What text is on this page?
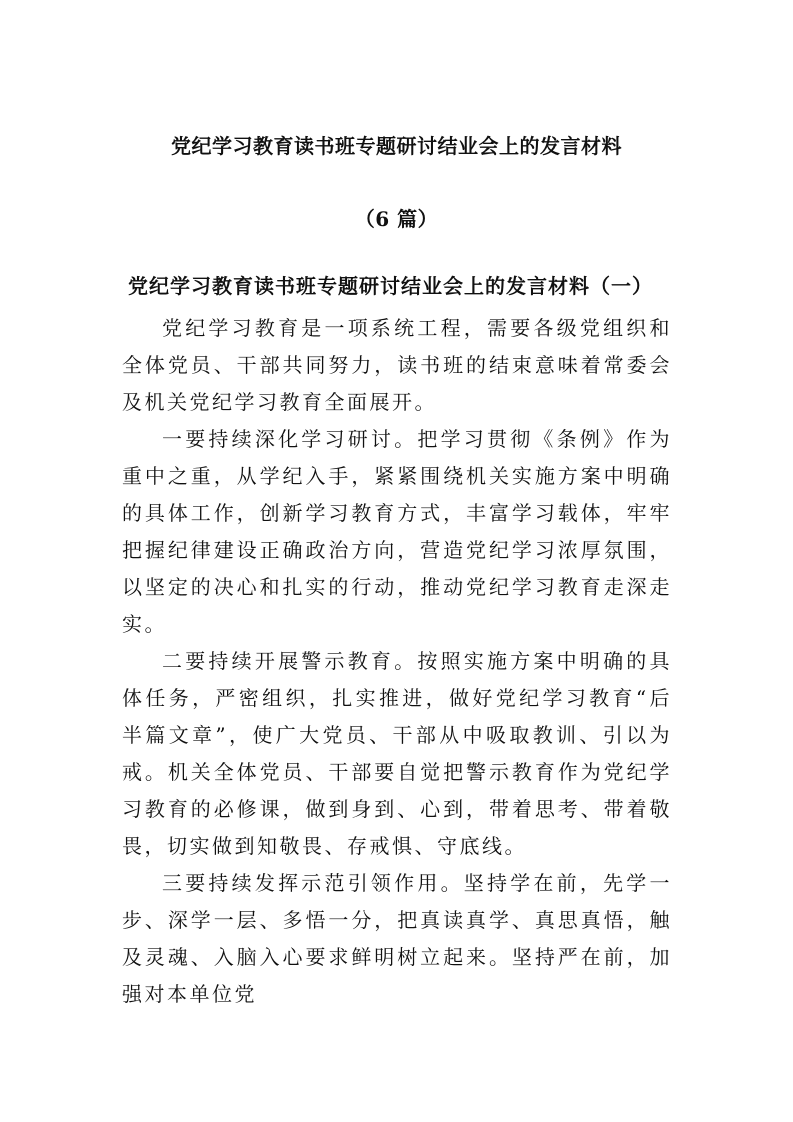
党纪学习教育读书班专题研讨结业会上的发言材料
（6 篇）
党纪学习教育读书班专题研讨结业会上的发言材料（一）

党纪学习教育是一项系统工程，需要各级党组织和全体党员、干部共同努力，读书班的结束意味着常委会及机关党纪学习教育全面展开。

一要持续深化学习研讨。把学习贯彻《条例》作为重中之重，从学纪入手，紧紧围绕机关实施方案中明确的具体工作，创新学习教育方式，丰富学习载体，牢牢把握纪律建设正确政治方向，营造党纪学习浓厚氛围，以坚定的决心和扎实的行动，推动党纪学习教育走深走实。

二要持续开展警示教育。按照实施方案中明确的具体任务，严密组织，扎实推进，做好党纪学习教育“后半篇文章”，使广大党员、干部从中吸取教训、引以为戒。机关全体党员、干部要自觉把警示教育作为党纪学习教育的必修课，做到身到、心到，带着思考、带着敬畏，切实做到知敬畏、存戒惧、守底线。

三要持续发挥示范引领作用。坚持学在前，先学一步、深学一层、多悟一分，把真读真学、真思真悟，触及灵魂、入脑入心要求鲜明树立起来。坚持严在前，加强对本单位党
